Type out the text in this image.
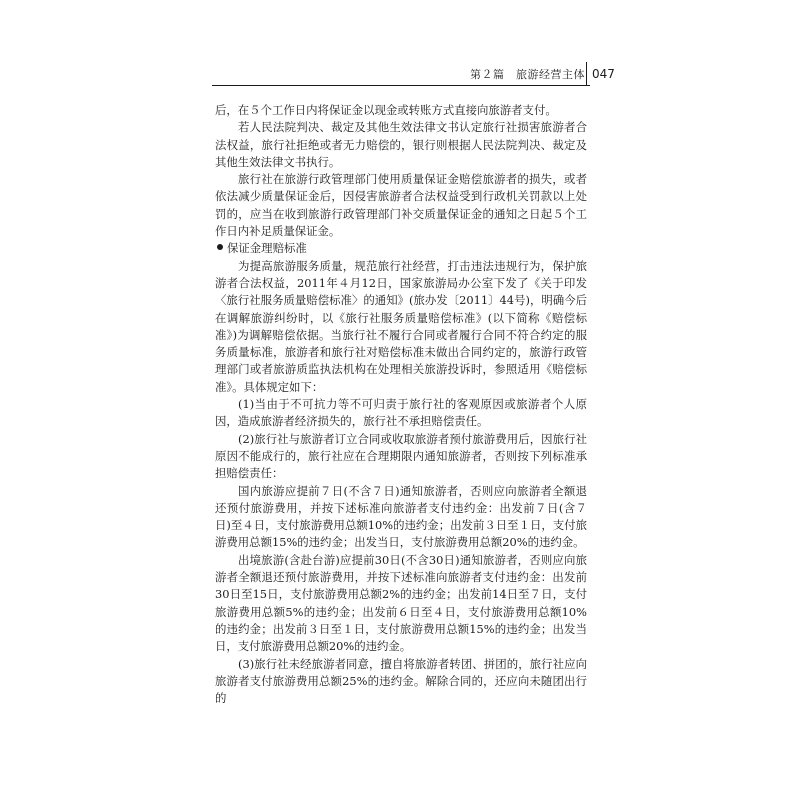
第２篇　旅游经营主体 047

后，在５个工作日内将保证金以现金或转账方式直接向旅游者支付。

若人民法院判决、裁定及其他生效法律文书认定旅行社损害旅游者合法权益，旅行社拒绝或者无力赔偿的，银行则根据人民法院判决、裁定及其他生效法律文书执行。

旅行社在旅游行政管理部门使用质量保证金赔偿旅游者的损失，或者依法减少质量保证金后，因侵害旅游者合法权益受到行政机关罚款以上处罚的，应当在收到旅游行政管理部门补交质量保证金的通知之日起５个工作日内补足质量保证金。

保证金理赔标准

为提高旅游服务质量，规范旅行社经营，打击违法违规行为，保护旅游者合法权益，2011年４月12日，国家旅游局办公室下发了《关于印发〈旅行社服务质量赔偿标准〉的通知》(旅办发〔2011〕44号)，明确今后在调解旅游纠纷时，以《旅行社服务质量赔偿标准》(以下简称《赔偿标准》)为调解赔偿依据。当旅行社不履行合同或者履行合同不符合约定的服务质量标准，旅游者和旅行社对赔偿标准未做出合同约定的，旅游行政管理部门或者旅游质监执法机构在处理相关旅游投诉时，参照适用《赔偿标准》。具体规定如下：

(1)当由于不可抗力等不可归责于旅行社的客观原因或旅游者个人原因，造成旅游者经济损失的，旅行社不承担赔偿责任。

(2)旅行社与旅游者订立合同或收取旅游者预付旅游费用后，因旅行社原因不能成行的，旅行社应在合理期限内通知旅游者，否则按下列标准承担赔偿责任：

国内旅游应提前７日(不含７日)通知旅游者，否则应向旅游者全额退还预付旅游费用，并按下述标准向旅游者支付违约金：出发前７日(含７日)至４日，支付旅游费用总额10%的违约金；出发前３日至１日，支付旅游费用总额15%的违约金；出发当日，支付旅游费用总额20%的违约金。

出境旅游(含赴台游)应提前30日(不含30日)通知旅游者，否则应向旅游者全额退还预付旅游费用，并按下述标准向旅游者支付违约金：出发前30日至15日，支付旅游费用总额2%的违约金；出发前14日至７日，支付旅游费用总额5%的违约金；出发前６日至４日，支付旅游费用总额10%的违约金；出发前３日至１日，支付旅游费用总额15%的违约金；出发当日，支付旅游费用总额20%的违约金。

(3)旅行社未经旅游者同意，擅自将旅游者转团、拼团的，旅行社应向旅游者支付旅游费用总额25%的违约金。解除合同的，还应向未随团出行的
